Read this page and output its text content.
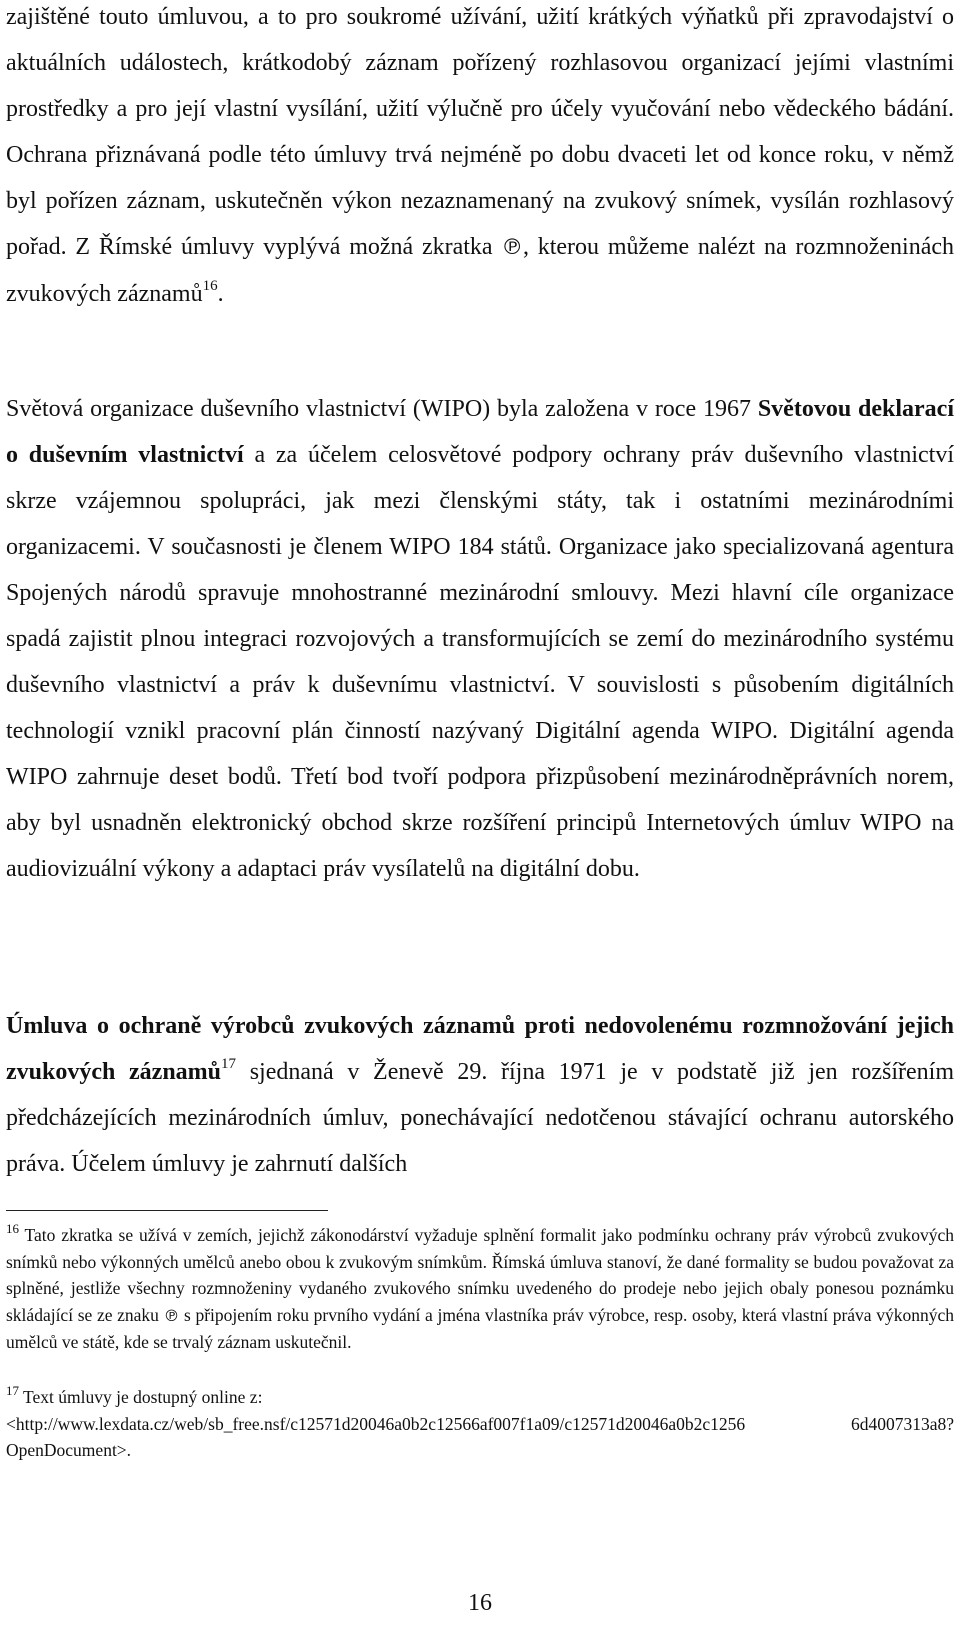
zajištěné touto úmluvou, a to pro soukromé užívání, užití krátkých výňatků při zpravodajství o aktuálních událostech, krátkodobý záznam pořízený rozhlasovou organizací jejími vlastními prostředky a pro její vlastní vysílání, užití výlučně pro účely vyučování nebo vědeckého bádání. Ochrana přiznávaná podle této úmluvy trvá nejméně po dobu dvaceti let od konce roku, v němž byl pořízen záznam, uskutečněn výkon nezaznamenaný na zvukový snímek, vysílán rozhlasový pořad. Z Římské úmluvy vyplývá možná zkratka ℗, kterou můžeme nalézt na rozmnoženinách zvukových záznamů$^{16}$.

Světová organizace duševního vlastnictví (WIPO) byla založena v roce 1967 Světovou deklarací o duševním vlastnictví a za účelem celosvětové podpory ochrany práv duševního vlastnictví skrze vzájemnou spolupráci, jak mezi členskými státy, tak i ostatními mezinárodními organizacemi. V současnosti je členem WIPO 184 států. Organizace jako specializovaná agentura Spojených národů spravuje mnohostranné mezinárodní smlouvy. Mezi hlavní cíle organizace spadá zajistit plnou integraci rozvojových a transformujících se zemí do mezinárodního systému duševního vlastnictví a práv k duševnímu vlastnictví. V souvislosti s působením digitálních technologií vznikl pracovní plán činností nazývaný Digitální agenda WIPO. Digitální agenda WIPO zahrnuje deset bodů. Třetí bod tvoří podpora přizpůsobení mezinárodněprávních norem, aby byl usnadněn elektronický obchod skrze rozšíření principů Internetových úmluv WIPO na audiovizuální výkony a adaptaci práv vysílatelů na digitální dobu.

Úmluva o ochraně výrobců zvukových záznamů proti nedovolenému rozmnožování jejich zvukových záznamů$^{17}$ sjednaná v Ženevě 29. října 1971 je v podstatě již jen rozšířením předcházejících mezinárodních úmluv, ponechávající nedotčenou stávající ochranu autorského práva. Účelem úmluvy je zahrnutí dalších

$^{16}$ Tato zkratka se užívá v zemích, jejichž zákonodárství vyžaduje splnění formalit jako podmínku ochrany práv výrobců zvukových snímků nebo výkonných umělců anebo obou k zvukovým snímkům. Římská úmluva stanoví, že dané formality se budou považovat za splněné, jestliže všechny rozmnoženiny vydaného zvukového snímku uvedeného do prodeje nebo jejich obaly ponesou poznámku skládající se ze znaku ℗ s připojením roku prvního vydání a jména vlastníka práv výrobce, resp. osoby, která vlastní práva výkonných umělců ve státě, kde se trvalý záznam uskutečnil.

$^{17}$ Text úmluvy je dostupný online z:
<http://www.lexdata.cz/web/sb_free.nsf/c12571d20046a0b2c12566af007f1a09/c12571d20046a0b2c1256 6d4007313a8?OpenDocument>.

16
